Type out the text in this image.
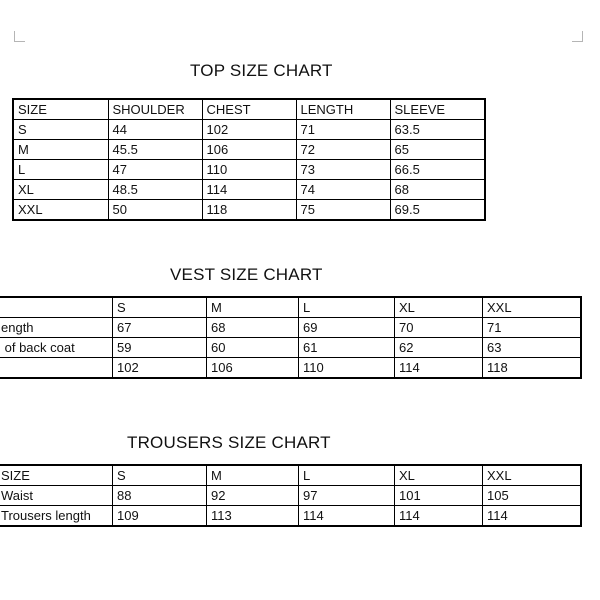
TOP SIZE CHART
SIZE	SHOULDER	CHEST	LENGTH	SLEEVE
S	44	102	71	63.5
M	45.5	106	72	65
L	47	110	73	66.5
XL	48.5	114	74	68
XXL	50	118	75	69.5
VEST SIZE CHART
	S	M	L	XL	XXL
ength	67	68	69	70	71
of back coat	59	60	61	62	63
	102	106	110	114	118
TROUSERS SIZE CHART
SIZE	S	M	L	XL	XXL
Waist	88	92	97	101	105
Trousers length	109	113	114	114	114
